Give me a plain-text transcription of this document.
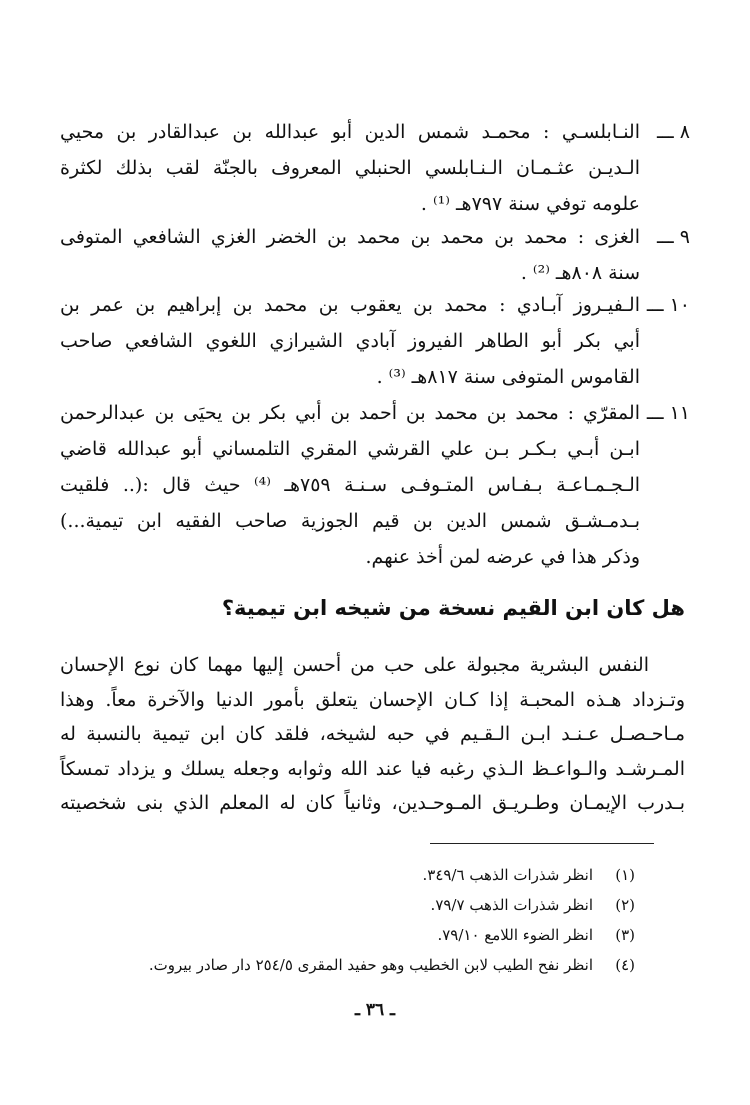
٨ ـــ

النـابلسـي : محمـد شمس الدين أبو عبدالله بن عبدالقادر بن محيي

الـديـن عثـمـان الـنـابلسي الحنبلي المعروف بالجنّة لقب بذلك لكثرة

علومه توفي سنة ٧٩٧هـ ⁽¹⁾ .

٩ ـــ

الغزى : محمد بن محمد بن محمد بن الخضر الغزي الشافعي المتوفى

سنة ٨٠٨هـ ⁽²⁾ .

١٠ ـــ

الـفيـروز آبـادي : محمد بن يعقوب بن محمد بن إبراهيم بن عمر بن

أبي بكر أبو الطاهر الفيروز آبادي الشيرازي اللغوي الشافعي صاحب

القاموس المتوفى سنة ٨١٧هـ ⁽³⁾ .

١١ ـــ

المقرّي : محمد بن محمد بن أحمد بن أبي بكر بن يحيَى بن عبدالرحمن

ابـن أبـي بـكـر بـن علي القرشي المقري التلمساني أبو عبدالله قاضي

الـجـمـاعـة بـفـاس المتـوفـى سـنـة ٧٥٩هـ ⁽⁴⁾ حيث قال :(.. فلقيت

بـدمـشـق شمس الدين بن قيم الجوزية صاحب الفقيه ابن تيمية...)

وذكر هذا في عرضه لمن أخذ عنهم.

هل كان ابن القيم نسخة من شيخه ابن تيمية؟

النفس البشرية مجبولة على حب من أحسن إليها مهما كان نوع الإحسان

وتـزداد هـذه المحبـة إذا كـان الإحسان يتعلق بأمور الدنيا والآخرة معاً. وهذا

مـاحـصـل عـنـد ابـن الـقـيم في حبه لشيخه، فلقد كان ابن تيمية بالنسبة له

المـرشـد والـواعـظ الـذي رغبه فيا عند الله وثوابه وجعله يسلك و يزداد تمسكاً

بـدرب الإيمـان وطـريـق المـوحـدين، وثانياً كان له المعلم الذي بنى شخصيته

(١)انظر شذرات الذهب ٣٤٩/٦.
(٢)انظر شذرات الذهب ٧٩/٧.
(٣)انظر الضوء اللامع ٧٩/١٠.
(٤)انظر نفح الطيب لابن الخطيب وهو حفيد المقرى ٢٥٤/٥ دار صادر بيروت.
ـ ٣٦ ـ
